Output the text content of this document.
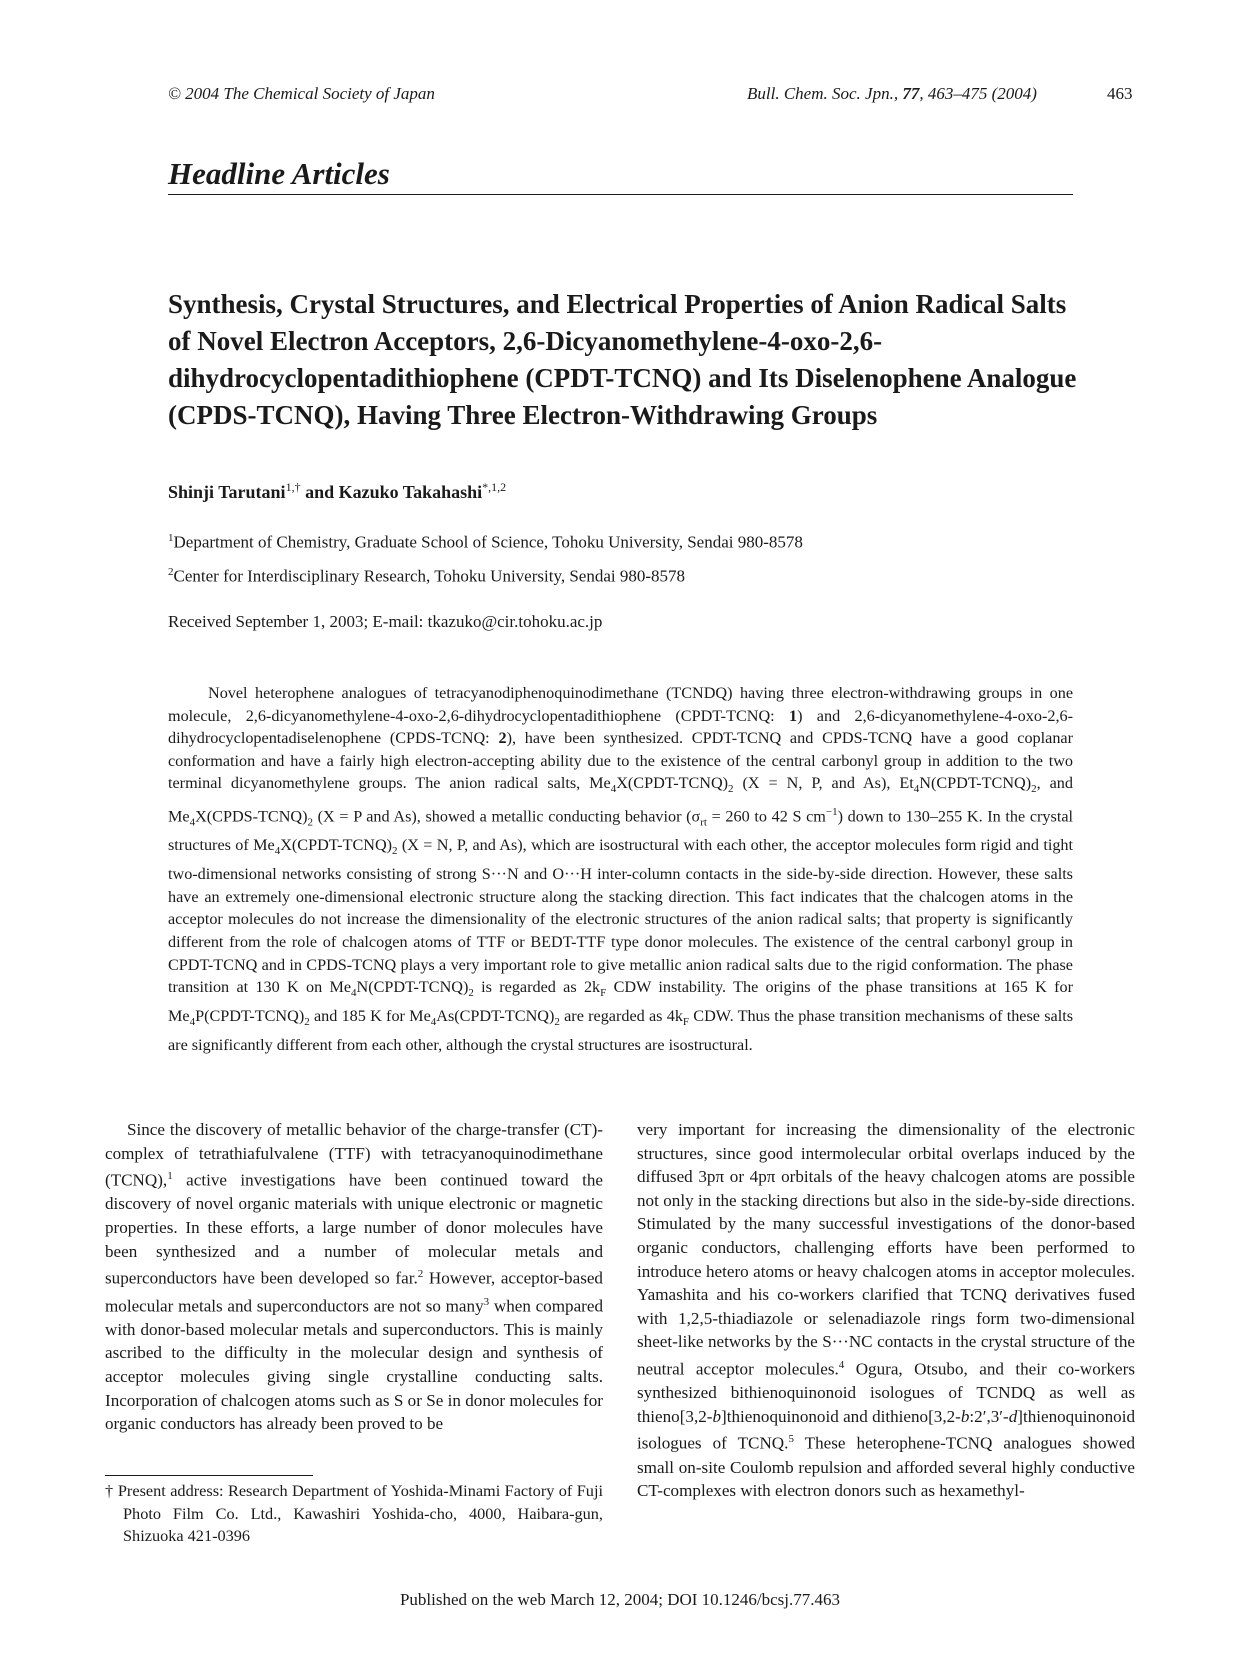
© 2004 The Chemical Society of Japan	Bull. Chem. Soc. Jpn., 77, 463–475 (2004)	463
Headline Articles
Synthesis, Crystal Structures, and Electrical Properties of Anion Radical Salts of Novel Electron Acceptors, 2,6-Dicyanomethylene-4-oxo-2,6-dihydrocyclopentadithiophene (CPDT-TCNQ) and Its Diselenophene Analogue (CPDS-TCNQ), Having Three Electron-Withdrawing Groups
Shinji Tarutani$^{1,\dagger}$ and Kazuko Takahashi$^{*,1,2}$
$^1$Department of Chemistry, Graduate School of Science, Tohoku University, Sendai 980-8578
$^2$Center for Interdisciplinary Research, Tohoku University, Sendai 980-8578
Received September 1, 2003; E-mail: tkazuko@cir.tohoku.ac.jp
Novel heterophene analogues of tetracyanodiphenoquinodimethane (TCNDQ) having three electron-withdrawing groups in one molecule, 2,6-dicyanomethylene-4-oxo-2,6-dihydrocyclopentadithiophene (CPDT-TCNQ: 1) and 2,6-dicyanomethylene-4-oxo-2,6-dihydrocyclopentadiselenophene (CPDS-TCNQ: 2), have been synthesized. CPDT-TCNQ and CPDS-TCNQ have a good coplanar conformation and have a fairly high electron-accepting ability due to the existence of the central carbonyl group in addition to the two terminal dicyanomethylene groups. The anion radical salts, $Me_4X(CPDT-TCNQ)_2$ (X = N, P, and As), $Et_4N(CPDT-TCNQ)_2$, and $Me_4X(CPDS-TCNQ)_2$ (X = P and As), showed a metallic conducting behavior ($\sigma_{rt} = 260$ to 42 S $cm^{-1}$) down to 130–255 K. In the crystal structures of $Me_4X(CPDT-TCNQ)_2$ (X = N, P, and As), which are isostructural with each other, the acceptor molecules form rigid and tight two-dimensional networks consisting of strong S···N and O···H inter-column contacts in the side-by-side direction. However, these salts have an extremely one-dimensional electronic structure along the stacking direction. This fact indicates that the chalcogen atoms in the acceptor molecules do not increase the dimensionality of the electronic structures of the anion radical salts; that property is significantly different from the role of chalcogen atoms of TTF or BEDT-TTF type donor molecules. The existence of the central carbonyl group in CPDT-TCNQ and in CPDS-TCNQ plays a very important role to give metallic anion radical salts due to the rigid conformation. The phase transition at 130 K on $Me_4N(CPDT-TCNQ)_2$ is regarded as $2k_F$ CDW instability. The origins of the phase transitions at 165 K for $Me_4P(CPDT-TCNQ)_2$ and 185 K for $Me_4As(CPDT-TCNQ)_2$ are regarded as $4k_F$ CDW. Thus the phase transition mechanisms of these salts are significantly different from each other, although the crystal structures are isostructural.
Since the discovery of metallic behavior of the charge-transfer (CT)-complex of tetrathiafulvalene (TTF) with tetracyanoquinodimethane (TCNQ),$^1$ active investigations have been continued toward the discovery of novel organic materials with unique electronic or magnetic properties. In these efforts, a large number of donor molecules have been synthesized and a number of molecular metals and superconductors have been developed so far.$^2$ However, acceptor-based molecular metals and superconductors are not so many$^3$ when compared with donor-based molecular metals and superconductors. This is mainly ascribed to the difficulty in the molecular design and synthesis of acceptor molecules giving single crystalline conducting salts. Incorporation of chalcogen atoms such as S or Se in donor molecules for organic conductors has already been proved to be
very important for increasing the dimensionality of the electronic structures, since good intermolecular orbital overlaps induced by the diffused 3pπ or 4pπ orbitals of the heavy chalcogen atoms are possible not only in the stacking directions but also in the side-by-side directions. Stimulated by the many successful investigations of the donor-based organic conductors, challenging efforts have been performed to introduce hetero atoms or heavy chalcogen atoms in acceptor molecules. Yamashita and his co-workers clarified that TCNQ derivatives fused with 1,2,5-thiadiazole or selenadiazole rings form two-dimensional sheet-like networks by the S···NC contacts in the crystal structure of the neutral acceptor molecules.$^4$ Ogura, Otsubo, and their co-workers synthesized bithienoquinonoid isologues of TCNDQ as well as thieno[3,2-b]thienoquinonoid and dithieno[3,2-b:2′,3′-d]thienoquinonoid isologues of TCNQ.$^5$ These heterophene-TCNQ analogues showed small on-site Coulomb repulsion and afforded several highly conductive CT-complexes with electron donors such as hexamethyl-
† Present address: Research Department of Yoshida-Minami Factory of Fuji Photo Film Co. Ltd., Kawashiri Yoshida-cho, 4000, Haibara-gun, Shizuoka 421-0396
Published on the web March 12, 2004; DOI 10.1246/bcsj.77.463
